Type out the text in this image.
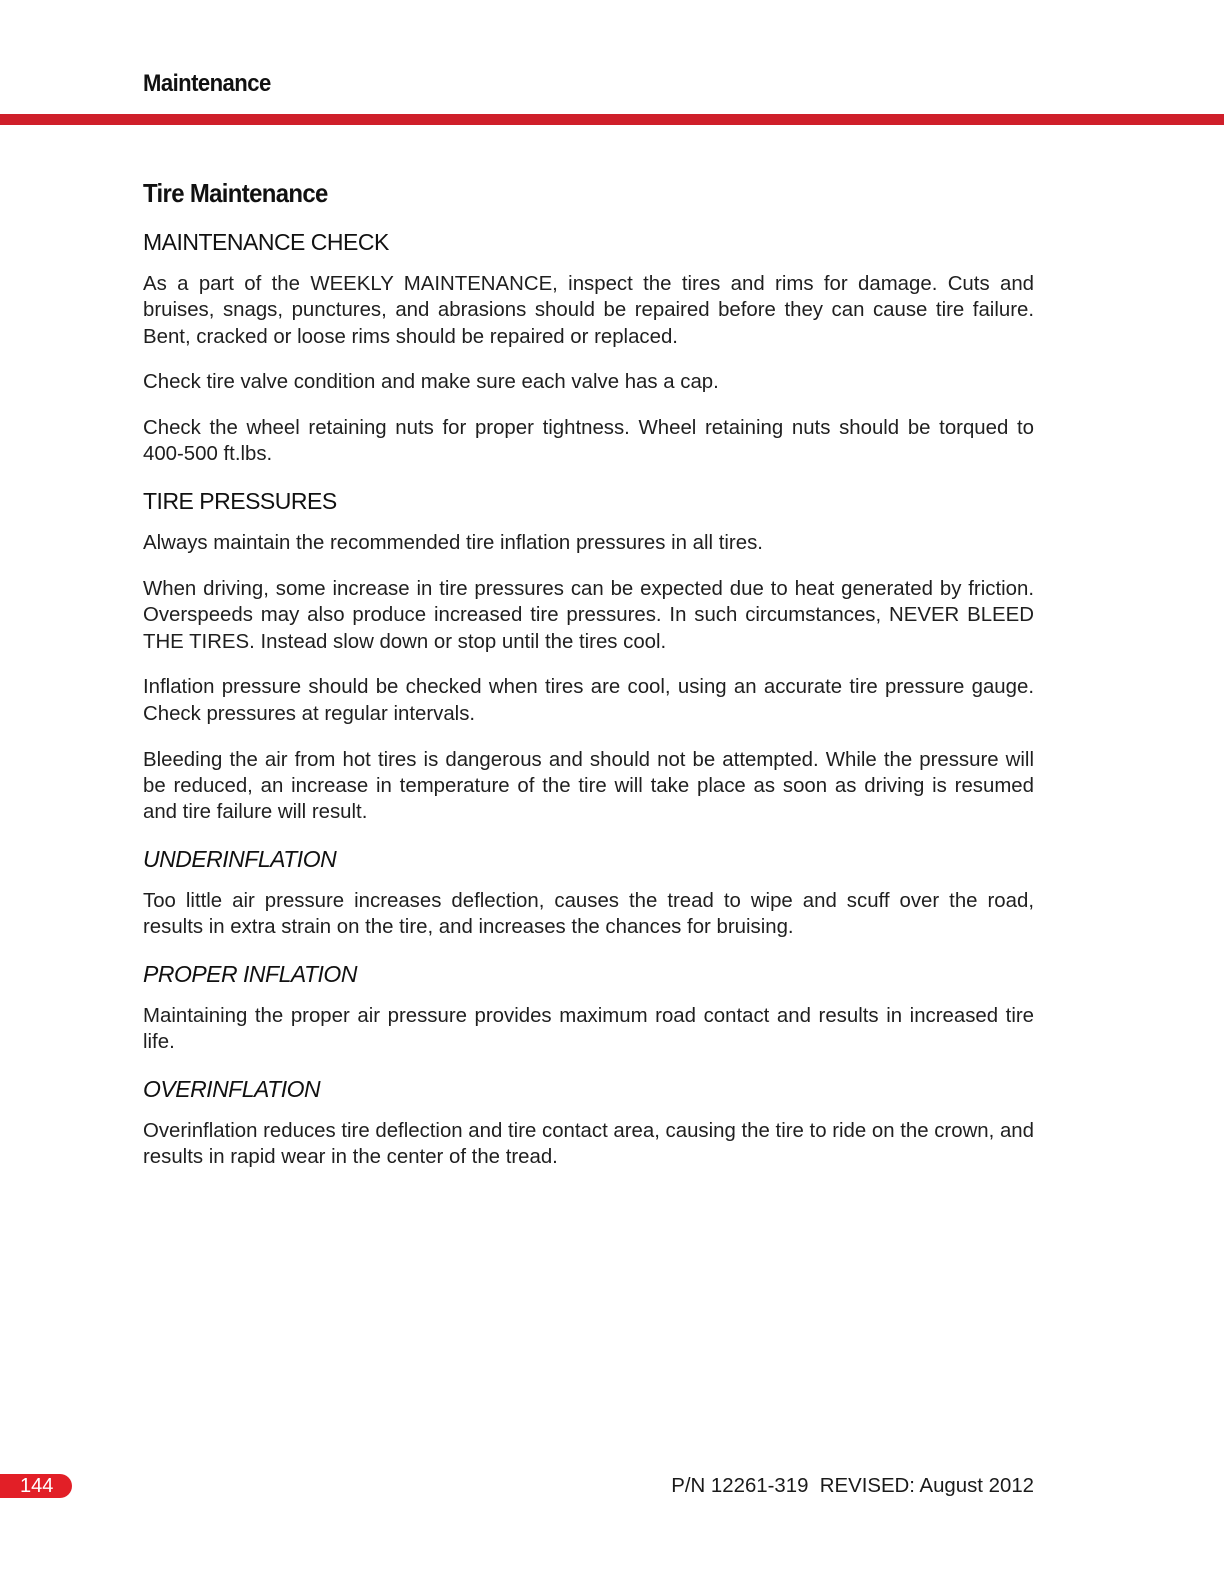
Maintenance
Tire Maintenance
MAINTENANCE CHECK

As a part of the WEEKLY MAINTENANCE, inspect the tires and rims for damage. Cuts and bruises, snags, punctures, and abrasions should be repaired before they can cause tire failure. Bent, cracked or loose rims should be repaired or replaced.

Check tire valve condition and make sure each valve has a cap.

Check the wheel retaining nuts for proper tightness. Wheel retaining nuts should be torqued to 400-500 ft.lbs.

TIRE PRESSURES

Always maintain the recommended tire inflation pressures in all tires.

When driving, some increase in tire pressures can be expected due to heat generated by friction. Overspeeds may also produce increased tire pressures. In such circumstances, NEVER BLEED THE TIRES. Instead slow down or stop until the tires cool.

Inflation pressure should be checked when tires are cool, using an accurate tire pressure gauge. Check pressures at regular intervals.

Bleeding the air from hot tires is dangerous and should not be attempted. While the pressure will be reduced, an increase in temperature of the tire will take place as soon as driving is resumed and tire failure will result.

UNDERINFLATION

Too little air pressure increases deflection, causes the tread to wipe and scuff over the road, results in extra strain on the tire, and increases the chances for bruising.

PROPER INFLATION

Maintaining the proper air pressure provides maximum road contact and results in increased tire life.

OVERINFLATION

Overinflation reduces tire deflection and tire contact area, causing the tire to ride on the crown, and results in rapid wear in the center of the tread.

144	P/N 12261-319  REVISED: August 2012
